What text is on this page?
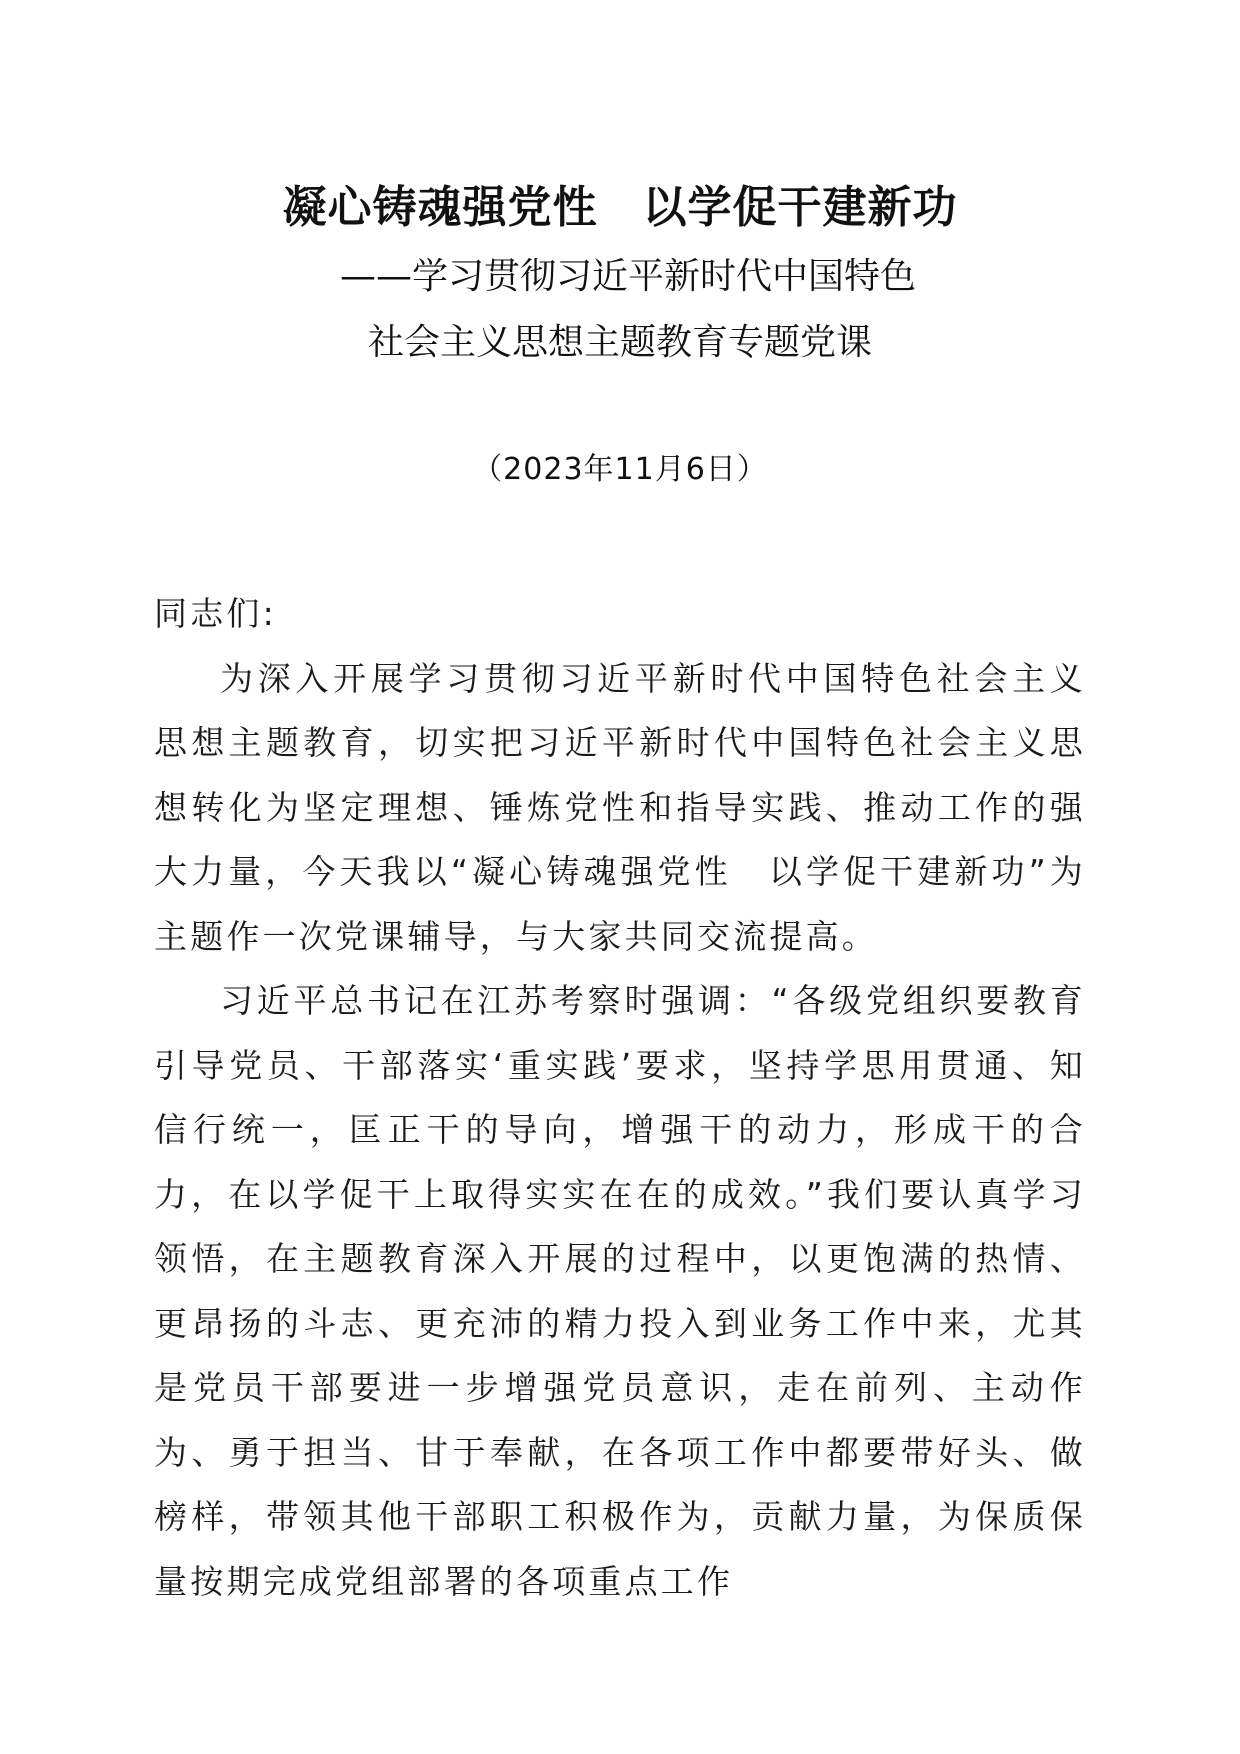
凝心铸魂强党性　以学促干建新功
——学习贯彻习近平新时代中国特色
社会主义思想主题教育专题党课
（2023年11月6日）

同志们:

为深入开展学习贯彻习近平新时代中国特色社会主义思想主题教育，切实把习近平新时代中国特色社会主义思想转化为坚定理想、锤炼党性和指导实践、推动工作的强大力量，今天我以“凝心铸魂强党性　以学促干建新功”为主题作一次党课辅导，与大家共同交流提高。

习近平总书记在江苏考察时强调：“各级党组织要教育引导党员、干部落实‘重实践’要求，坚持学思用贯通、知信行统一，匡正干的导向，增强干的动力，形成干的合力，在以学促干上取得实实在在的成效。”我们要认真学习领悟，在主题教育深入开展的过程中，以更饱满的热情、更昂扬的斗志、更充沛的精力投入到业务工作中来，尤其是党员干部要进一步增强党员意识，走在前列、主动作为、勇于担当、甘于奉献，在各项工作中都要带好头、做榜样，带领其他干部职工积极作为，贡献力量，为保质保量按期完成党组部署的各项重点工作
